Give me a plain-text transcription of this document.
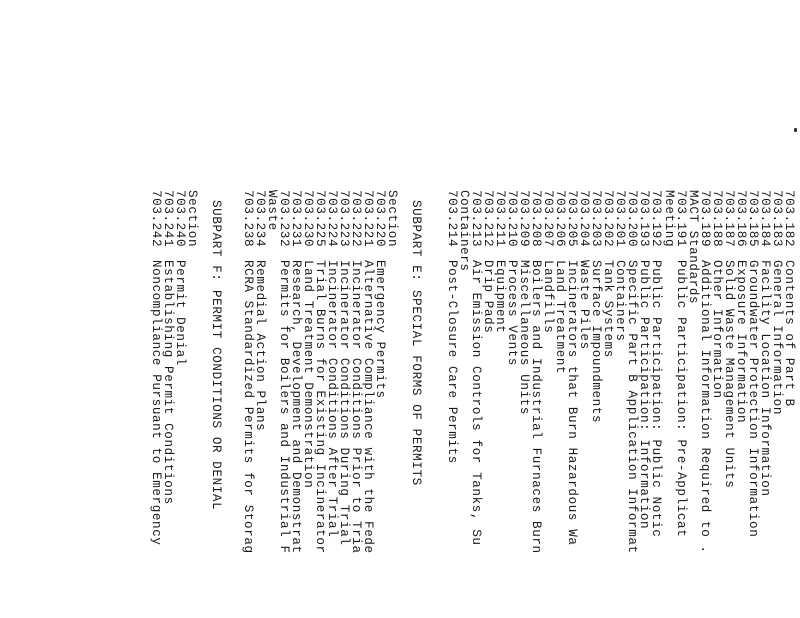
703.182
Contents of Part B
703.183
General Information
703.184
Facility Location Information
703.185
Groundwater Protection Information
703.186
Exposure Information
703.187
Solid Waste Management Units
703.188
Other Information
703.189
Additional Information Required to .
MACT Standards
703.191
Public Participation: Pre-Applicat
Meeting
703.192
Public Participation: Public Notic
703.193
Public Participation: Information
703.200
Specific Part B Application Informat
703.201
Containers
703.202
Tank Systems
703.203
Surface Impoundments
703.204
Waste Piles
703.205
Incinerators that Burn Hazardous Wa
703.206
Land Treatment
703.207
Landfills
703.208
Boilers and Industrial Furnaces Burn
703.209
Miscellaneous Units
703.210
Process Vents
703.211
Equipment
703.212
Drip Pads
703.213
Air Emission Controls for Tanks, Su
Containers
703.214
Post-Closure Care Permits
SUBPART E:
SPECIAL FORMS OF PERMITS
Section
703.220
Emergency Permits
703.221
Alternative Compliance with the Fede
703.222
Incinerator Conditions Prior to Tria
703.223
Incinerator Conditions During Trial
703.224
Incinerator Conditions After Trial
703.225
Trial Burns for Existing Incinerator
703.230
Land Treatment Demonstration
703.231
Research, Development and Demonstrat
703.232
Permits for Boilers and Industrial F
Waste
703.234
Remedial Action Plans
703.238
RCRA Standardized Permits for Storag
SUBPART F:
PERMIT CONDITIONS OR DENIAL
Section
703.240
Permit Denial
703.241
Establishing Permit Conditions
703.242
Noncompliance Pursuant to Emergency
